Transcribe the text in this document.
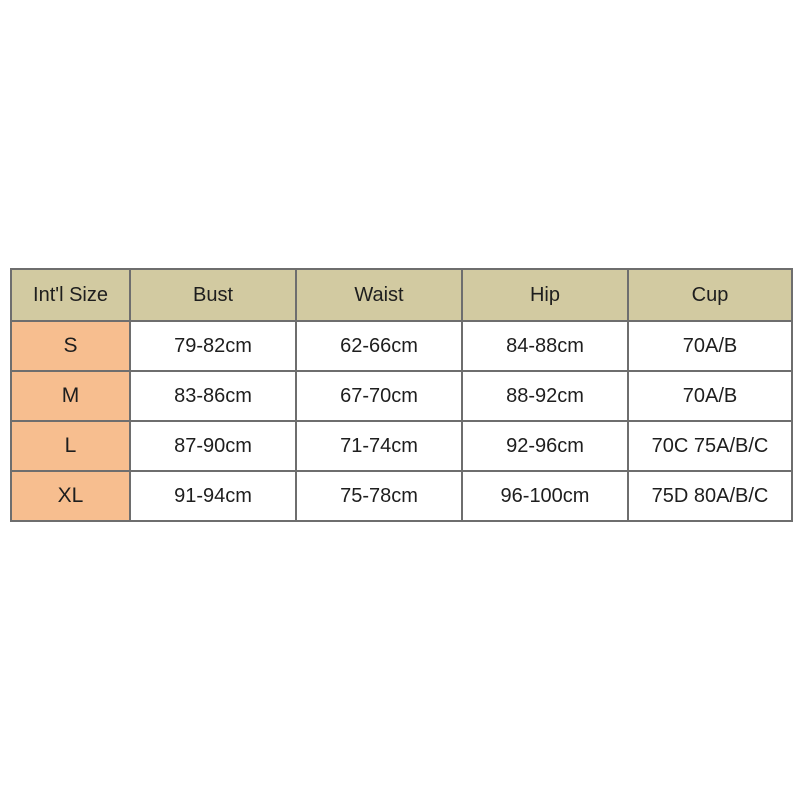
Int'l Size	Bust	Waist	Hip	Cup
S	79-82cm	62-66cm	84-88cm	70A/B
M	83-86cm	67-70cm	88-92cm	70A/B
L	87-90cm	71-74cm	92-96cm	70C 75A/B/C
XL	91-94cm	75-78cm	96-100cm	75D 80A/B/C
